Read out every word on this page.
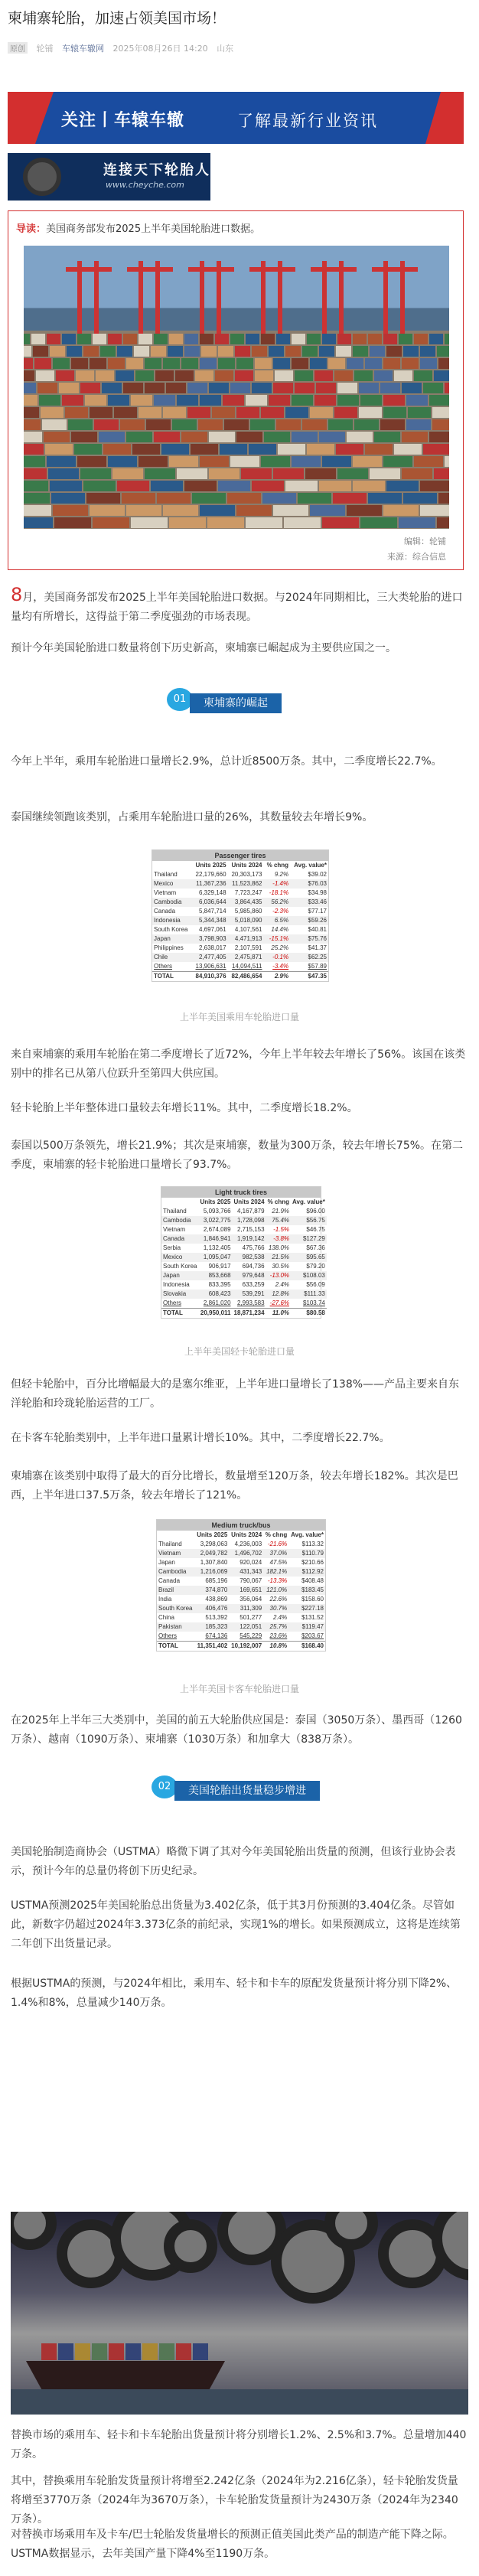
柬埔寨轮胎，加速占领美国市场！
原创 轮铺 车辕车辙网 2025年08月26日 14:20 山东
关注丨车辕车辙	了解最新行业资讯
连接天下轮胎人
www.cheyche.com
导读：美国商务部发布2025上半年美国轮胎进口数据。
编辑：轮铺
来源：综合信息
8月，美国商务部发布2025上半年美国轮胎进口数据。与2024年同期相比，三大类轮胎的进口量均有所增长，这得益于第二季度强劲的市场表现。
预计今年美国轮胎进口数量将创下历史新高，柬埔寨已崛起成为主要供应国之一。
01	柬埔寨的崛起
今年上半年，乘用车轮胎进口量增长2.9%，总计近8500万条。其中，二季度增长22.7%。
泰国继续领跑该类别，占乘用车轮胎进口量的26%，其数量较去年增长9%。
Passenger tires
	Units 2025	Units 2024	% chng	Avg. value*
Thailand	22,179,660	20,303,173	9.2%	$39.02
Mexico	11,367,236	11,523,862	-1.4%	$76.03
Vietnam	6,329,148	7,723,247	-18.1%	$34.98
Cambodia	6,036,644	3,864,435	56.2%	$33.46
Canada	5,847,714	5,985,860	-2.3%	$77.17
Indonesia	5,344,348	5,018,090	6.5%	$59.26
South Korea	4,697,061	4,107,561	14.4%	$40.81
Japan	3,798,903	4,471,913	-15.1%	$75.76
Philippines	2,638,017	2,107,591	25.2%	$41.37
Chile	2,477,405	2,475,871	-0.1%	$62.25
Others	13,906,631	14,094,511	-3.4%	$57.89
TOTAL	84,910,376	82,486,654	2.9%	$47.35
上半年美国乘用车轮胎进口量
来自柬埔寨的乘用车轮胎在第二季度增长了近72%，今年上半年较去年增长了56%。该国在该类别中的排名已从第八位跃升至第四大供应国。
轻卡轮胎上半年整体进口量较去年增长11%。其中，二季度增长18.2%。
泰国以500万条领先，增长21.9%；其次是柬埔寨，数量为300万条，较去年增长75%。在第二季度，柬埔寨的轻卡轮胎进口量增长了93.7%。
Light truck tires
	Units 2025	Units 2024	% chng	Avg. value*
Thailand	5,093,766	4,167,879	21.9%	$96.00
Cambodia	3,022,775	1,728,098	75.4%	$56.75
Vietnam	2,674,089	2,715,153	-1.5%	$46.75
Canada	1,846,941	1,919,142	-3.8%	$127.29
Serbia	1,132,405	475,766	138.0%	$67.36
Mexico	1,095,047	982,538	21.5%	$95.65
South Korea	906,917	694,736	30.5%	$79.20
Japan	853,668	979,648	-13.0%	$108.03
Indonesia	833,395	633,259	2.4%	$56.09
Slovakia	608,423	539,291	12.8%	$111.33
Others	2,861,020	2,993,583	-27.6%	$103.74
TOTAL	20,950,011	18,871,234	11.0%	$80.58
上半年美国轻卡轮胎进口量
但轻卡轮胎中，百分比增幅最大的是塞尔维亚，上半年进口量增长了138%——产品主要来自东洋轮胎和玲珑轮胎运营的工厂。
在卡客车轮胎类别中，上半年进口量累计增长10%。其中，二季度增长22.7%。
柬埔寨在该类别中取得了最大的百分比增长，数量增至120万条，较去年增长182%。其次是巴西，上半年进口37.5万条，较去年增长了121%。
Medium truck/bus
	Units 2025	Units 2024	% chng	Avg. value*
Thailand	3,298,063	4,236,003	-21.6%	$113.32
Vietnam	2,049,782	1,496,702	37.0%	$110.79
Japan	1,307,840	920,024	47.5%	$210.66
Cambodia	1,216,069	431,343	182.1%	$112.92
Canada	685,196	790,067	-13.3%	$408.48
Brazil	374,870	169,651	121.0%	$183.45
India	438,869	356,064	22.6%	$158.60
South Korea	406,476	311,309	30.7%	$227.18
China	513,392	501,277	2.4%	$131.52
Pakistan	185,323	122,051	25.7%	$119.47
Others	674,136	545,229	23.6%	$203.67
TOTAL	11,351,402	10,192,007	10.8%	$168.40
上半年美国卡客车轮胎进口量
在2025年上半年三大类别中，美国的前五大轮胎供应国是：泰国（3050万条）、墨西哥（1260万条）、越南（1090万条）、柬埔寨（1030万条）和加拿大（838万条）。
02	美国轮胎出货量稳步增进
美国轮胎制造商协会（USTMA）略微下调了其对今年美国轮胎出货量的预测，但该行业协会表示，预计今年的总量仍将创下历史纪录。
USTMA预测2025年美国轮胎总出货量为3.402亿条，低于其3月份预测的3.404亿条。尽管如此，新数字仍超过2024年3.373亿条的前纪录，实现1%的增长。如果预测成立，这将是连续第二年创下出货量记录。
根据USTMA的预测，与2024年相比，乘用车、轻卡和卡车的原配发货量预计将分别下降2%、1.4%和8%，总量减少140万条。
替换市场的乘用车、轻卡和卡车轮胎出货量预计将分别增长1.2%、2.5%和3.7%。总量增加440万条。
其中，替换乘用车轮胎发货量预计将增至2.242亿条（2024年为2.216亿条），轻卡轮胎发货量将增至3770万条（2024年为3670万条），卡车轮胎发货量预计为2430万条（2024年为2340万条）。
对替换市场乘用车及卡车/巴士轮胎发货量增长的预测正值美国此类产品的制造产能下降之际。USTMA数据显示，去年美国产量下降4%至1190万条。
